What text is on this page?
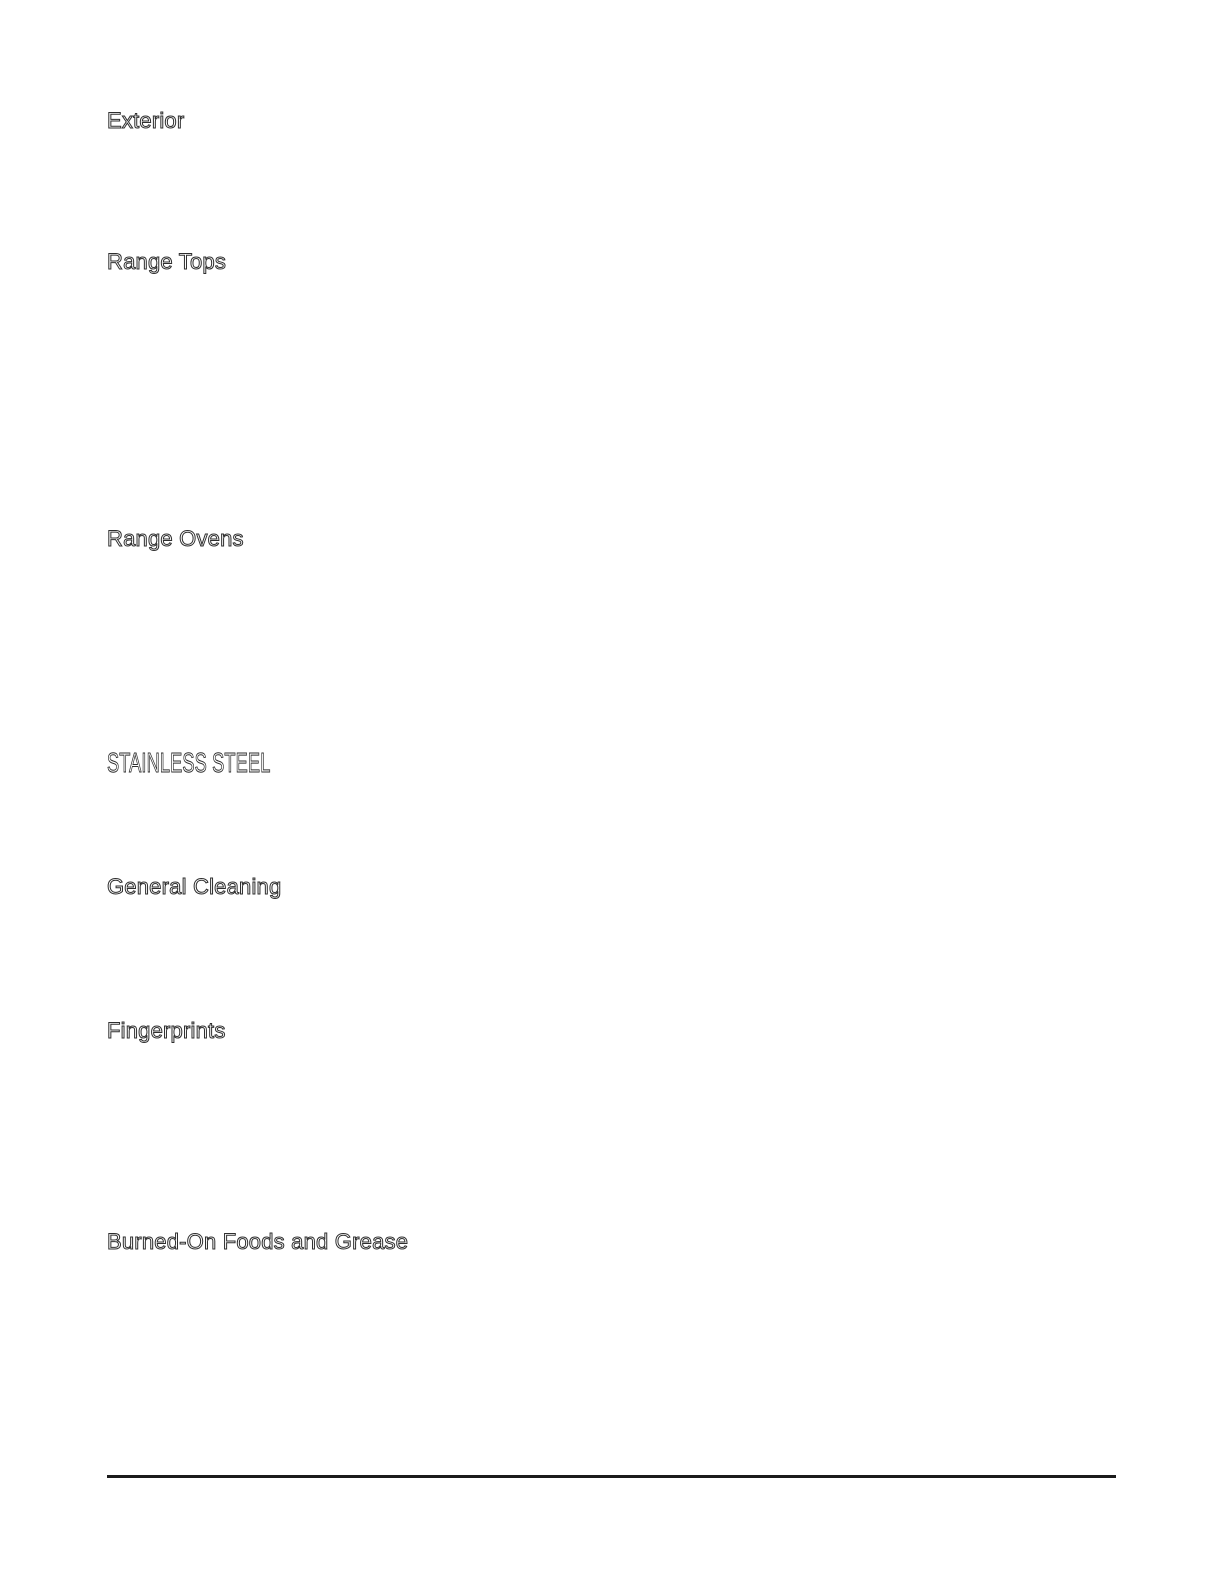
Exterior
Range Tops
Range Ovens
STAINLESS STEEL
General Cleaning
Fingerprints
Burned-On Foods and Grease
